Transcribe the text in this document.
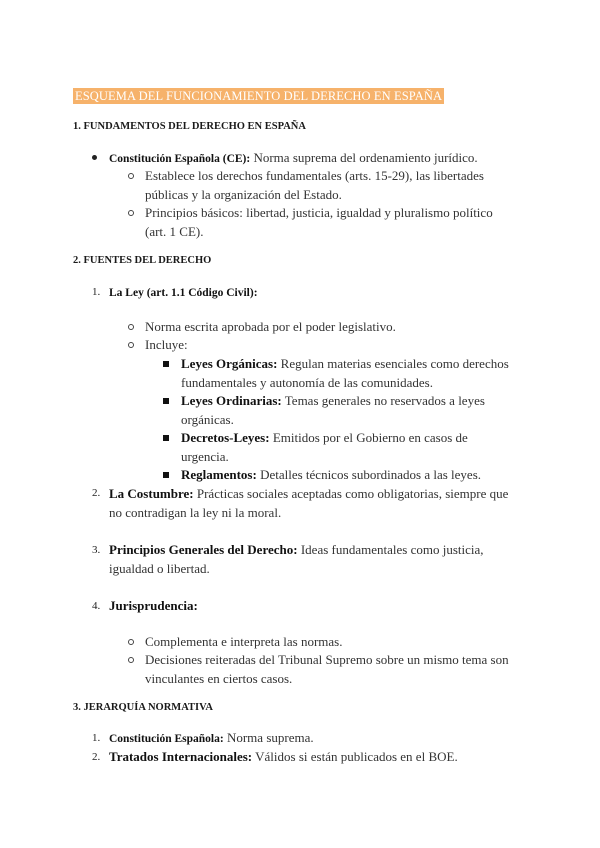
ESQUEMA DEL FUNCIONAMIENTO DEL DERECHO EN ESPAÑA
1. FUNDAMENTOS DEL DERECHO EN ESPAÑA
Constitución Española (CE): Norma suprema del ordenamiento jurídico.
Establece los derechos fundamentales (arts. 15-29), las libertades
públicas y la organización del Estado.
Principios básicos: libertad, justicia, igualdad y pluralismo político
(art. 1 CE).
2. FUENTES DEL DERECHO
1. La Ley (art. 1.1 Código Civil):
Norma escrita aprobada por el poder legislativo.
Incluye:
Leyes Orgánicas: Regulan materias esenciales como derechos
fundamentales y autonomía de las comunidades.
Leyes Ordinarias: Temas generales no reservados a leyes
orgánicas.
Decretos-Leyes: Emitidos por el Gobierno en casos de
urgencia.
Reglamentos: Detalles técnicos subordinados a las leyes.
2. La Costumbre: Prácticas sociales aceptadas como obligatorias, siempre que
no contradigan la ley ni la moral.
3. Principios Generales del Derecho: Ideas fundamentales como justicia,
igualdad o libertad.
4. Jurisprudencia:
Complementa e interpreta las normas.
Decisiones reiteradas del Tribunal Supremo sobre un mismo tema son
vinculantes en ciertos casos.
3. JERARQUÍA NORMATIVA
1. Constitución Española: Norma suprema.
2. Tratados Internacionales: Válidos si están publicados en el BOE.
